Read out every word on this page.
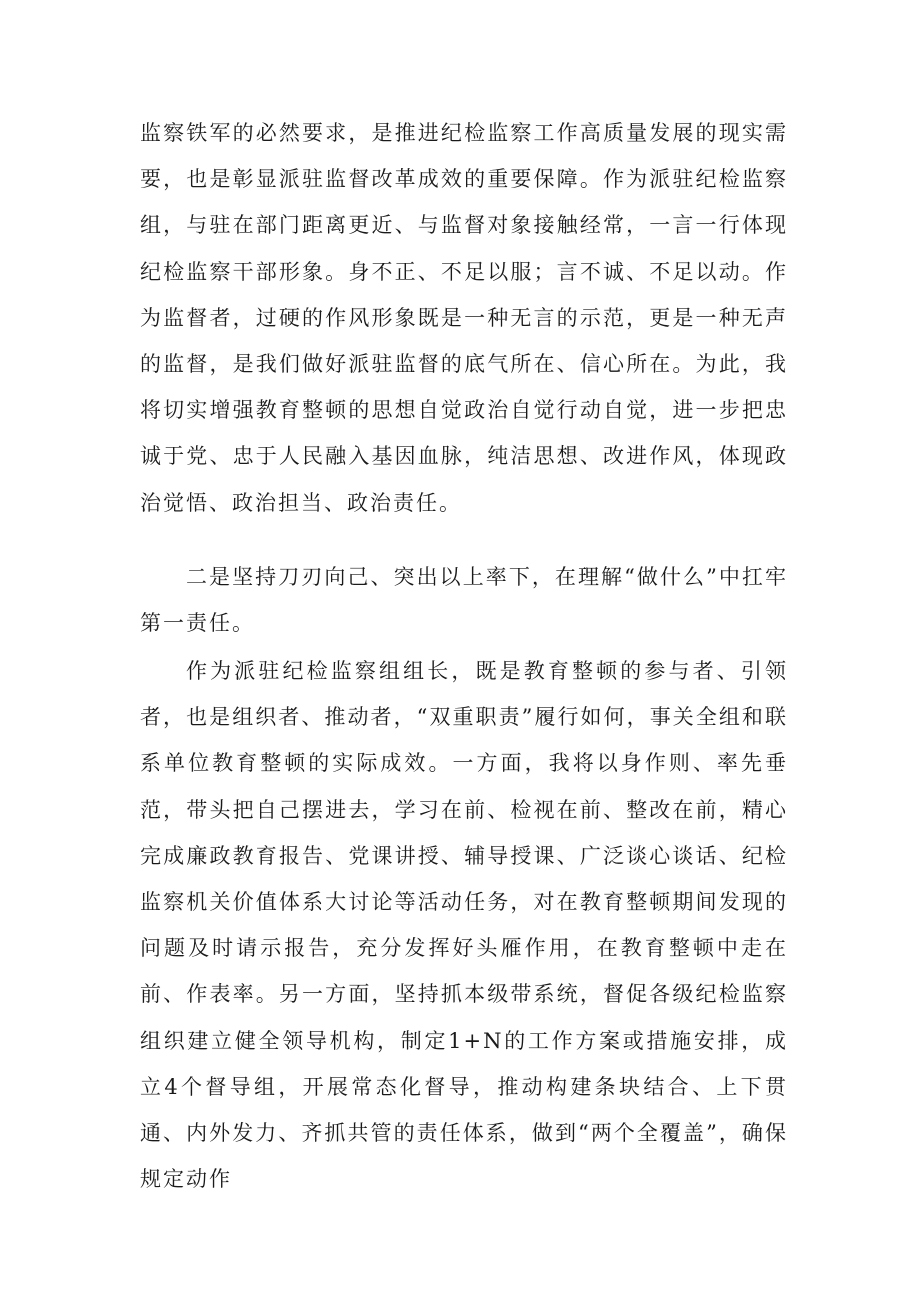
监察铁军的必然要求，是推进纪检监察工作高质量发展的现实需要，也是彰显派驻监督改革成效的重要保障。作为派驻纪检监察组，与驻在部门距离更近、与监督对象接触经常，一言一行体现纪检监察干部形象。身不正、不足以服；言不诚、不足以动。作为监督者，过硬的作风形象既是一种无言的示范，更是一种无声的监督，是我们做好派驻监督的底气所在、信心所在。为此，我将切实增强教育整顿的思想自觉政治自觉行动自觉，进一步把忠诚于党、忠于人民融入基因血脉，纯洁思想、改进作风，体现政治觉悟、政治担当、政治责任。

二是坚持刀刃向己、突出以上率下，在理解“做什么”中扛牢第一责任。

作为派驻纪检监察组组长，既是教育整顿的参与者、引领者，也是组织者、推动者，“双重职责”履行如何，事关全组和联系单位教育整顿的实际成效。一方面，我将以身作则、率先垂范，带头把自己摆进去，学习在前、检视在前、整改在前，精心完成廉政教育报告、党课讲授、辅导授课、广泛谈心谈话、纪检监察机关价值体系大讨论等活动任务，对在教育整顿期间发现的问题及时请示报告，充分发挥好头雁作用，在教育整顿中走在前、作表率。另一方面，坚持抓本级带系统，督促各级纪检监察组织建立健全领导机构，制定1+N的工作方案或措施安排，成立4个督导组，开展常态化督导，推动构建条块结合、上下贯通、内外发力、齐抓共管的责任体系，做到“两个全覆盖”，确保规定动作
